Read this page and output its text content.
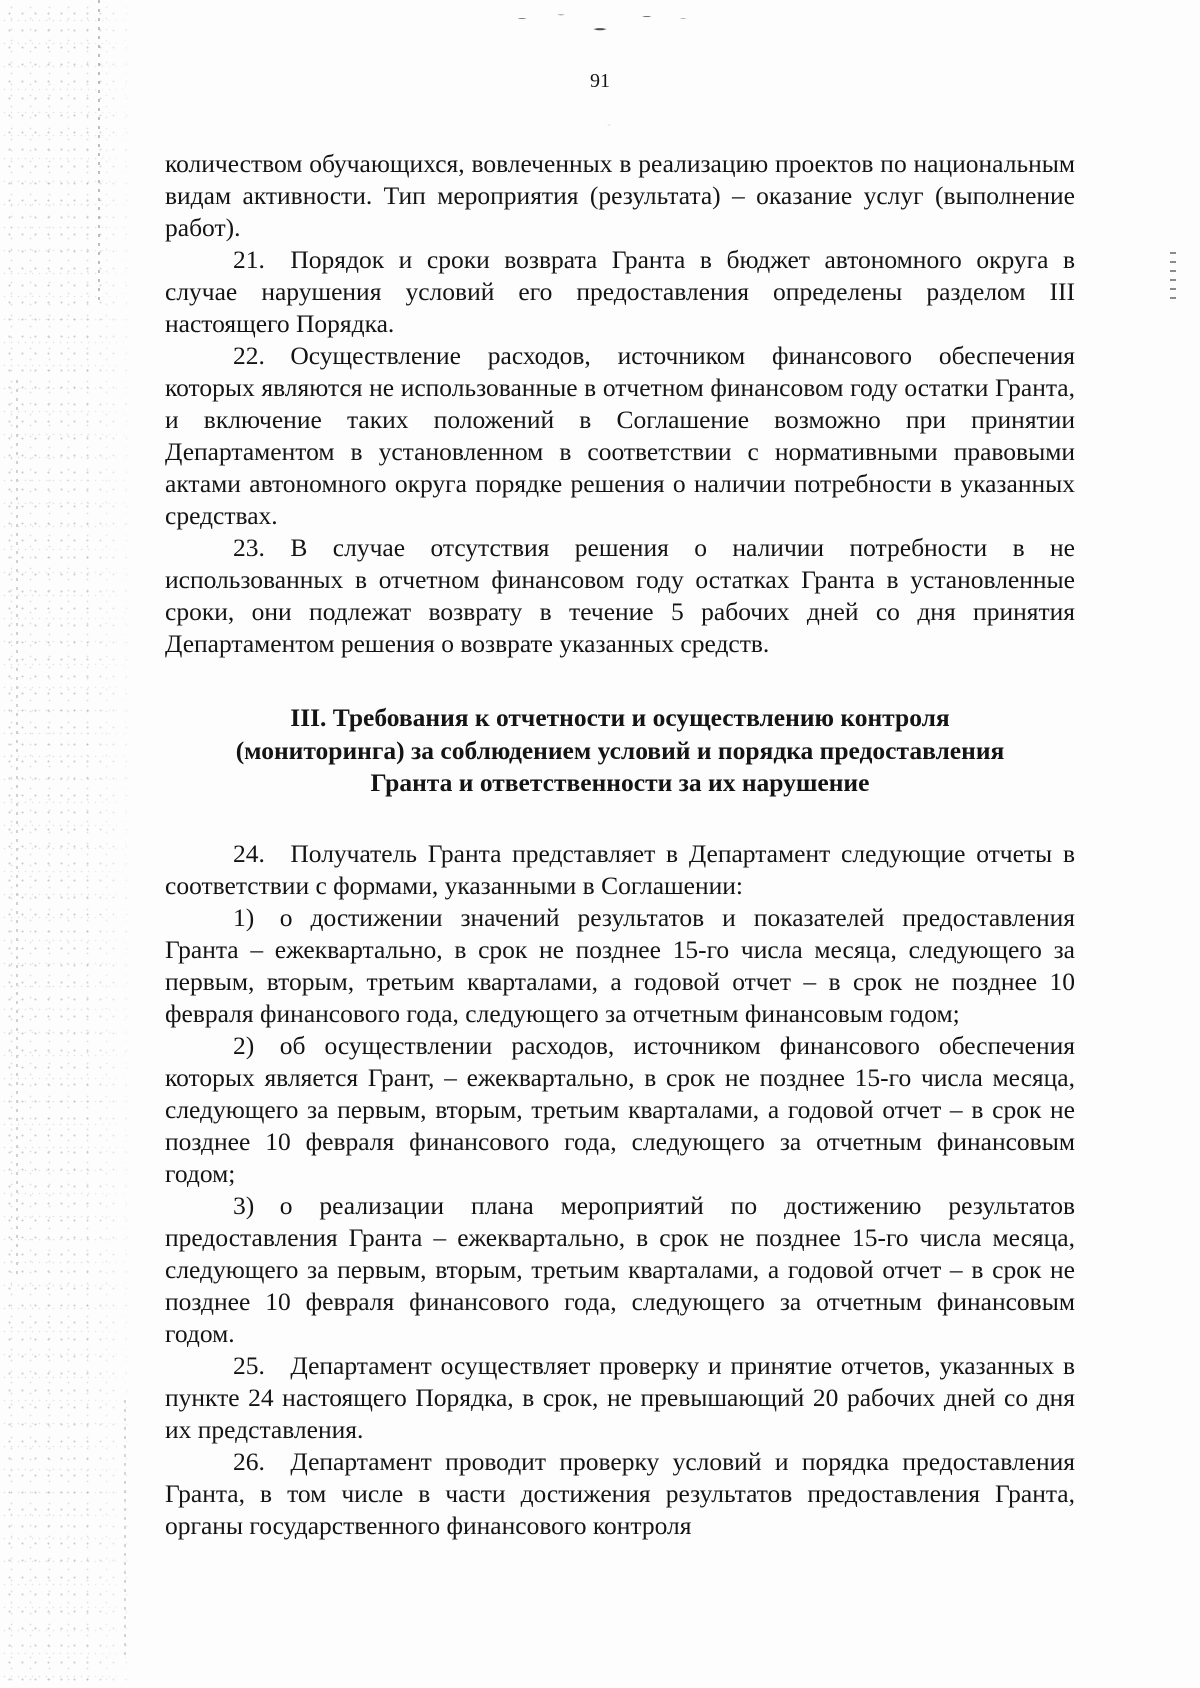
91

количеством обучающихся, вовлеченных в реализацию проектов по национальным видам активности. Тип мероприятия (результата) – оказание услуг (выполнение работ).

21. Порядок и сроки возврата Гранта в бюджет автономного округа в случае нарушения условий его предоставления определены разделом III настоящего Порядка.

22. Осуществление расходов, источником финансового обеспечения которых являются не использованные в отчетном финансовом году остатки Гранта, и включение таких положений в Соглашение возможно при принятии Департаментом в установленном в соответствии с нормативными правовыми актами автономного округа порядке решения о наличии потребности в указанных средствах.

23. В случае отсутствия решения о наличии потребности в не использованных в отчетном финансовом году остатках Гранта в установленные сроки, они подлежат возврату в течение 5 рабочих дней со дня принятия Департаментом решения о возврате указанных средств.

III. Требования к отчетности и осуществлению контроля
(мониторинга) за соблюдением условий и порядка предоставления
Гранта и ответственности за их нарушение

24. Получатель Гранта представляет в Департамент следующие отчеты в соответствии с формами, указанными в Соглашении:

1) о достижении значений результатов и показателей предоставления Гранта – ежеквартально, в срок не позднее 15-го числа месяца, следующего за первым, вторым, третьим кварталами, а годовой отчет – в срок не позднее 10 февраля финансового года, следующего за отчетным финансовым годом;

2) об осуществлении расходов, источником финансового обеспечения которых является Грант, – ежеквартально, в срок не позднее 15-го числа месяца, следующего за первым, вторым, третьим кварталами, а годовой отчет – в срок не позднее 10 февраля финансового года, следующего за отчетным финансовым годом;

3) о реализации плана мероприятий по достижению результатов предоставления Гранта – ежеквартально, в срок не позднее 15-го числа месяца, следующего за первым, вторым, третьим кварталами, а годовой отчет – в срок не позднее 10 февраля финансового года, следующего за отчетным финансовым годом.

25. Департамент осуществляет проверку и принятие отчетов, указанных в пункте 24 настоящего Порядка, в срок, не превышающий 20 рабочих дней со дня их представления.

26. Департамент проводит проверку условий и порядка предоставления Гранта, в том числе в части достижения результатов предоставления Гранта, органы государственного финансового контроля
